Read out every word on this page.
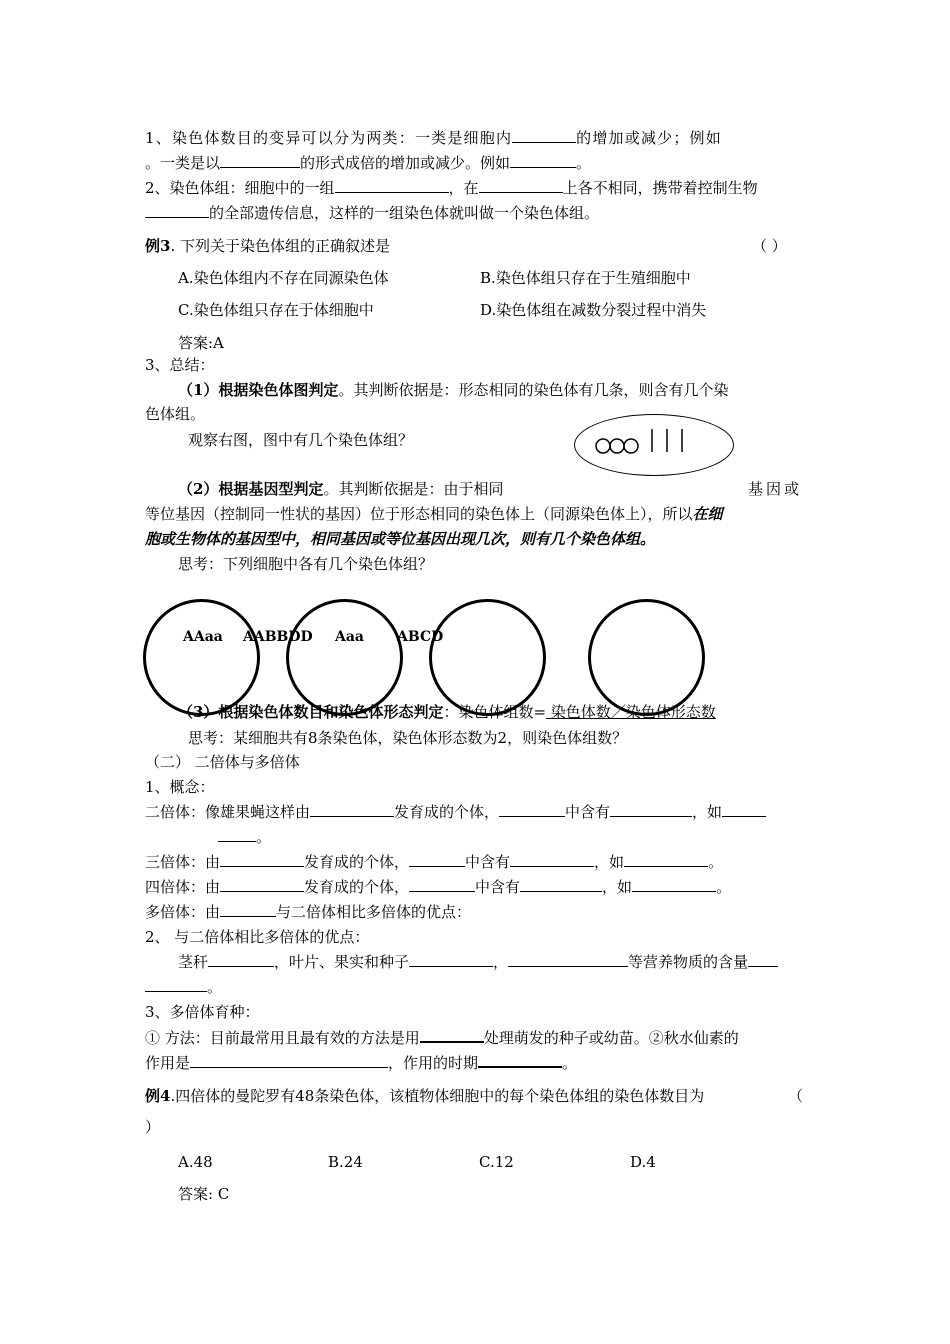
1、染色体数目的变异可以分为两类：一类是细胞内	的增加或减少；例如
。一类是以	的形式成倍的增加或减少。例如	。
2、染色体组：细胞中的一组	，在	上各不相同，携带着控制生物
的全部遗传信息，这样的一组染色体就叫做一个染色体组。
例3. 下列关于染色体组的正确叙述是	（ ）
A.染色体组内不存在同源染色体	B.染色体组只存在于生殖细胞中
C.染色体组只存在于体细胞中	D.染色体组在减数分裂过程中消失
答案:A
3、总结：
（1）根据染色体图判定。其判断依据是：形态相同的染色体有几条，则含有几个染
色体组。
观察右图，图中有几个染色体组？
（2）根据基因型判定。其判断依据是：由于相同	基因或
等位基因（控制同一性状的基因）位于形态相同的染色体上（同源染色体上），所以在细
胞或生物体的基因型中，相同基因或等位基因出现几次，则有几个染色体组。
思考：下列细胞中各有几个染色体组？
AAaa AABBDD Aaa ABCD
（3）根据染色体数目和染色体形态判定：染色体组数= 染色体数／染色体形态数
思考：某细胞共有8条染色体，染色体形态数为2，则染色体组数？
（二） 二倍体与多倍体
1、概念：
二倍体：像雄果蝇这样由	发育成的个体，	中含有	，如
。
三倍体：由	发育成的个体，	中含有	，如	。
四倍体：由	发育成的个体，	中含有	，如	。
多倍体：由	与二倍体相比多倍体的优点：
2、 与二倍体相比多倍体的优点：
茎秆	，叶片、果实和种子	，	等营养物质的含量
。
3、多倍体育种：
① 方法：目前最常用且最有效的方法是用	处理萌发的种子或幼苗。②秋水仙素的
作用是	，作用的时期	。
例4.四倍体的曼陀罗有48条染色体，该植物体细胞中的每个染色体组的染色体数目为	（
）
A.48	B.24	C.12	D.4
答案: C
